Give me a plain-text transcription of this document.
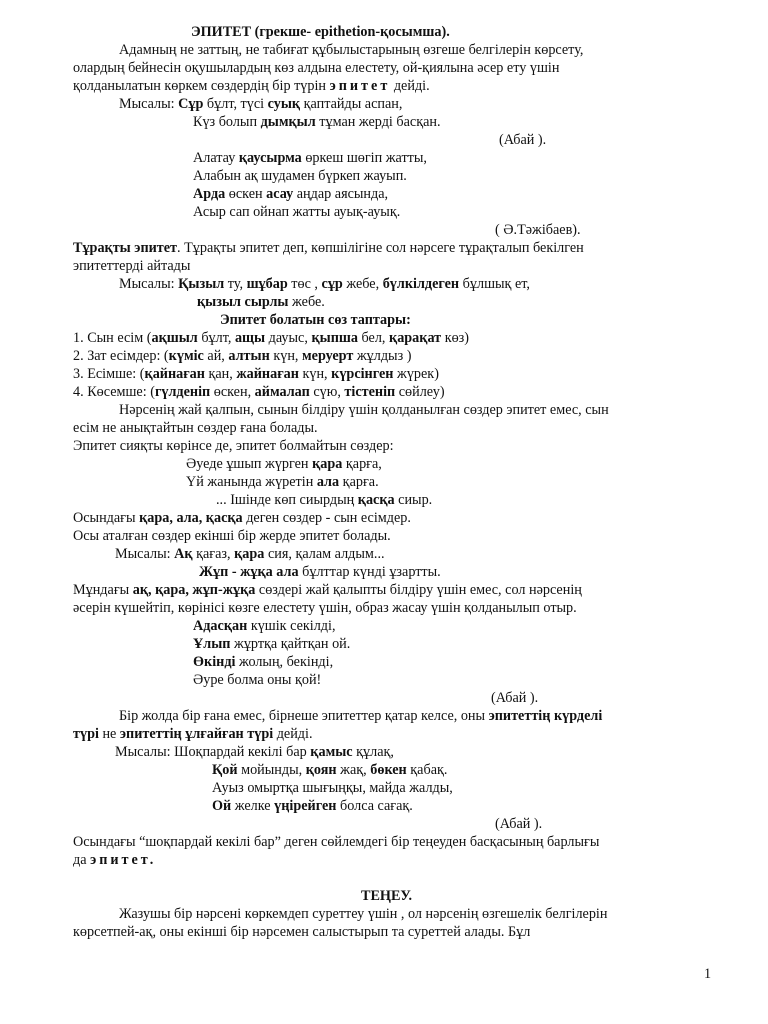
ЭПИТЕТ (грекше- epithetion-қосымша).
Адамның не заттың, не табиғат құбылыстарының өзгеше белгілерін көрсету,
олардың бейнесін оқушылардың көз алдына елестету, ой-қиялына әсер ету үшін
қолданылатын көркем сөздердің бір түрін эпитет дейді.
Мысалы: Сұр бұлт, түсі суық қаптайды аспан,
Күз болып дымқыл тұман жерді басқан.
(Абай ).
Алатау қаусырма өркеш шөгіп жатты,
Алабын ақ шудамен бүркеп жауып.
Арда өскен асау аңдар аясында,
Асыр сап ойнап жатты ауық-ауық.
( Ә.Тәжібаев).
Тұрақты эпитет. Тұрақты эпитет деп, көпшілігіне сол нәрсеге тұрақталып бекілген
эпитеттерді айтады
Мысалы: Қызыл ту, шұбар төс , сұр жебе, бүлкілдеген бұлшық ет,
қызыл сырлы жебе.
Эпитет болатын сөз таптары:
1. Сын есім (ақшыл бұлт, ащы дауыс, қыпша бел, қарақат көз)
2. Зат есімдер: (күміс ай, алтын күн, меруерт жұлдыз )
3. Есімше: (қайнаған қан, жайнаған күн, күрсінген жүрек)
4. Көсемше: (гүлденіп өскен, аймалап сүю, тістеніп сөйлеу)
Нәрсенің жай қалпын, сынын білдіру үшін қолданылған сөздер эпитет емес, сын
есім не анықтайтын сөздер ғана болады.
Эпитет сияқты көрінсе де, эпитет болмайтын сөздер:
Әуеде ұшып жүрген қара қарға,
Үй жанында жүретін ала қарға.
... Ішінде көп сиырдың қасқа сиыр.
Осындағы қара, ала, қасқа деген сөздер - сын есімдер.
Осы аталған сөздер екінші бір жерде эпитет болады.
Мысалы: Ақ қағаз, қара сия, қалам алдым...
Жұп - жұқа ала бұлттар күнді ұзартты.
Мұндағы ақ, қара, жұп-жұқа сөздері жай қалыпты білдіру үшін емес, сол нәрсенің
әсерін күшейтіп, көрінісі көзге елестету үшін, образ жасау үшін қолданылып отыр.
Адасқан күшік секілді,
Ұлып жұртқа қайтқан ой.
Өкінді жолың, бекінді,
Әуре болма оны қой!
(Абай ).
Бір жолда бір ғана емес, бірнеше эпитеттер қатар келсе, оны эпитеттің күрделі
түрі не эпитеттің ұлғайған түрі дейді.
Мысалы: Шоқпардай кекілі бар қамыс құлақ,
Қой мойынды, қоян жақ, бөкен қабақ.
Ауыз омыртқа шығыңқы, майда жалды,
Ой желке үңірейген болса сағақ.
(Абай ).
Осындағы “шоқпардай кекілі бар” деген сөйлемдегі бір теңеуден басқасының барлығы
да эпитет.
ТЕҢЕУ.
Жазушы бір нәрсені көркемдеп суреттеу үшін , ол нәрсенің өзгешелік белгілерін
көрсетпей-ақ, оны екінші бір нәрсемен салыстырып та суреттей алады. Бұл
1
